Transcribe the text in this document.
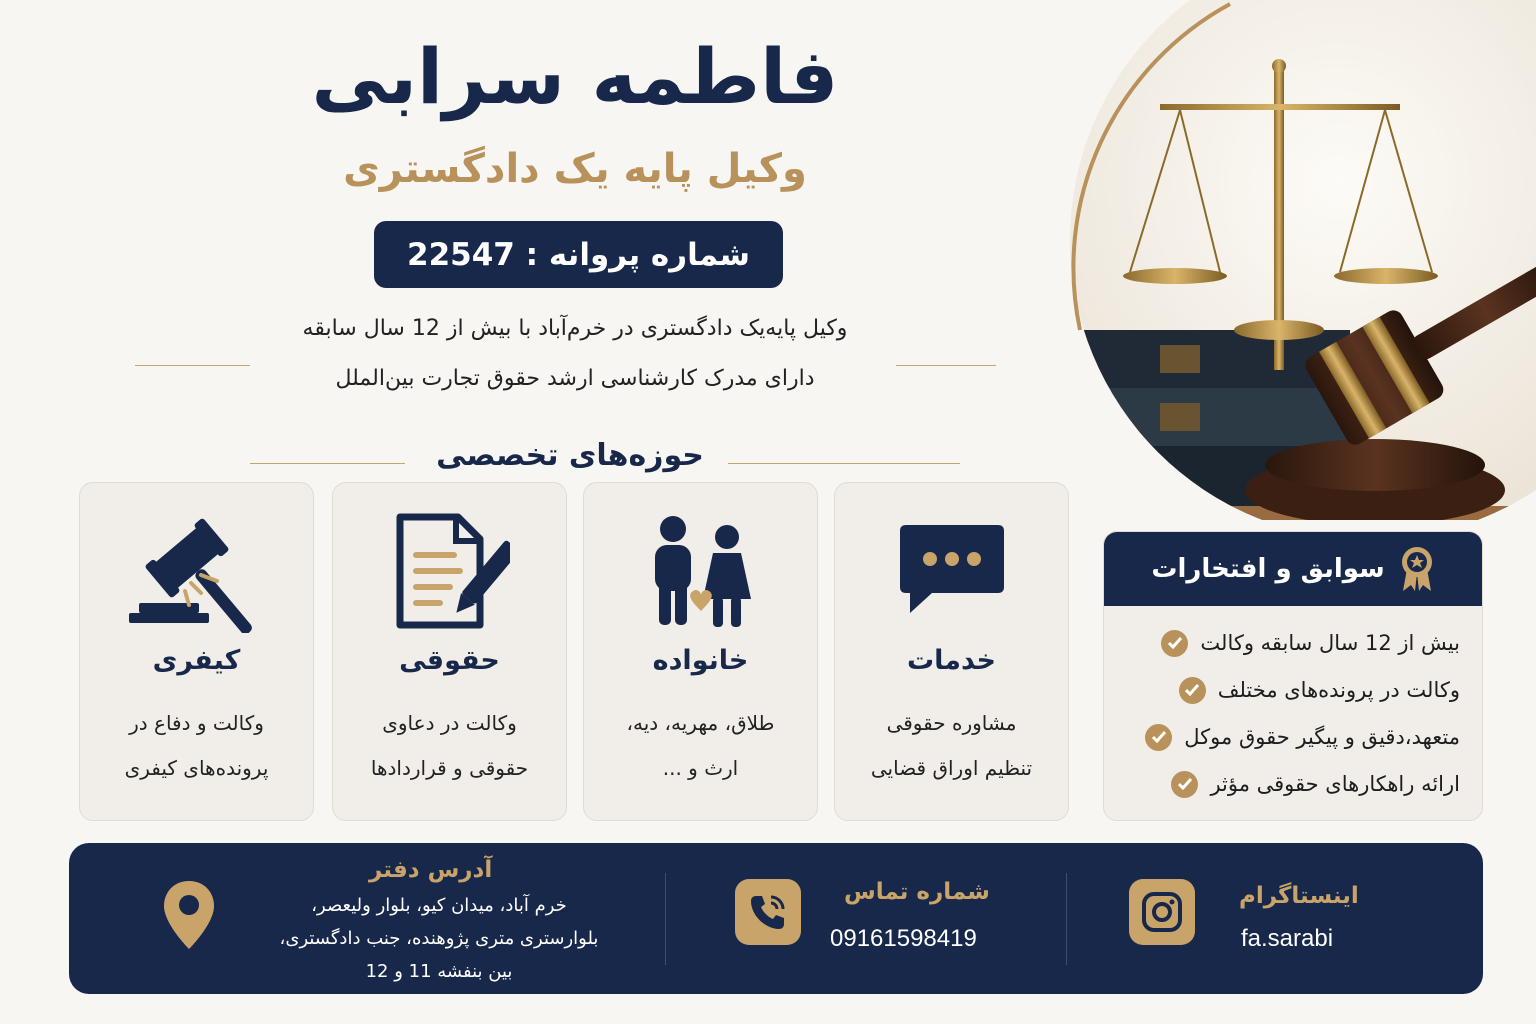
فاطمه سرابی
وکیل پایه یک دادگستری
شماره پروانه : 22547
وکیل پایه‌یک دادگستری در خرم‌آباد با بیش از 12 سال سابقه
دارای مدرک کارشناسی ارشد حقوق تجارت بین‌الملل
حوزه‌های تخصصی
کیفری
وکالت و دفاع در
پرونده‌های کیفری
حقوقی
وکالت در دعاوی
حقوقی و قراردادها
خانواده
طلاق، مهریه، دیه،
ارث و ...
خدمات
مشاوره حقوقی
تنظیم اوراق قضایی
سوابق و افتخارات
بیش از 12 سال سابقه وکالت
وکالت در پرونده‌های مختلف
متعهد،دقیق و پیگیر حقوق موکل
ارائه راهکارهای حقوقی مؤثر
آدرس دفتر
خرم آباد، میدان کیو، بلوار ولیعصر،
بلوارستری متری پژوهنده، جنب دادگستری،
بین بنفشه 11 و 12
شماره تماس
09161598419
اینستاگرام
fa.sarabi
